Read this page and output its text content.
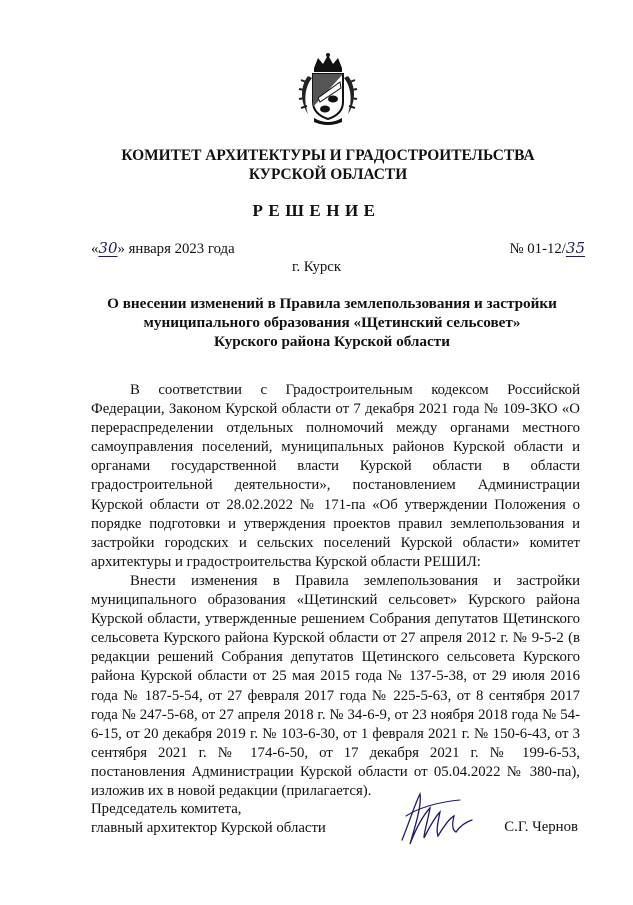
КОМИТЕТ АРХИТЕКТУРЫ И ГРАДОСТРОИТЕЛЬСТВА
КУРСКОЙ ОБЛАСТИ
РЕШЕНИЕ
«30» января 2023 года	№ 01-12/35
г. Курск
О внесении изменений в Правила землепользования и застройки
муниципального образования «Щетинский сельсовет»
Курского района Курской области

В соответствии с Градостроительным кодексом Российской Федерации, Законом Курской области от 7 декабря 2021 года № 109-ЗКО «О перераспределении отдельных полномочий между органами местного самоуправления поселений, муниципальных районов Курской области и органами государственной власти Курской области в области градостроительной деятельности», постановлением Администрации Курской области от 28.02.2022 № 171-па «Об утверждении Положения о порядке подготовки и утверждения проектов правил землепользования и застройки городских и сельских поселений Курской области» комитет архитектуры и градостроительства Курской области РЕШИЛ:

Внести изменения в Правила землепользования и застройки муниципального образования «Щетинский сельсовет» Курского района Курской области, утвержденные решением Собрания депутатов Щетинского сельсовета Курского района Курской области от 27 апреля 2012 г. № 9-5-2 (в редакции решений Собрания депутатов Щетинского сельсовета Курского района Курской области от 25 мая 2015 года № 137-5-38, от 29 июля 2016 года № 187-5-54, от 27 февраля 2017 года № 225-5-63, от 8 сентября 2017 года № 247-5-68, от 27 апреля 2018 г. № 34-6-9, от 23 ноября 2018 года № 54-6-15, от 20 декабря 2019 г. № 103-6-30, от 1 февраля 2021 г. № 150-6-43, от 3 сентября 2021 г. № 174-6-50, от 17 декабря 2021 г. № 199-6-53, постановления Администрации Курской области от 05.04.2022 № 380-па), изложив их в новой редакции (прилагается).

Председатель комитета,
главный архитектор Курской области	С.Г. Чернов
